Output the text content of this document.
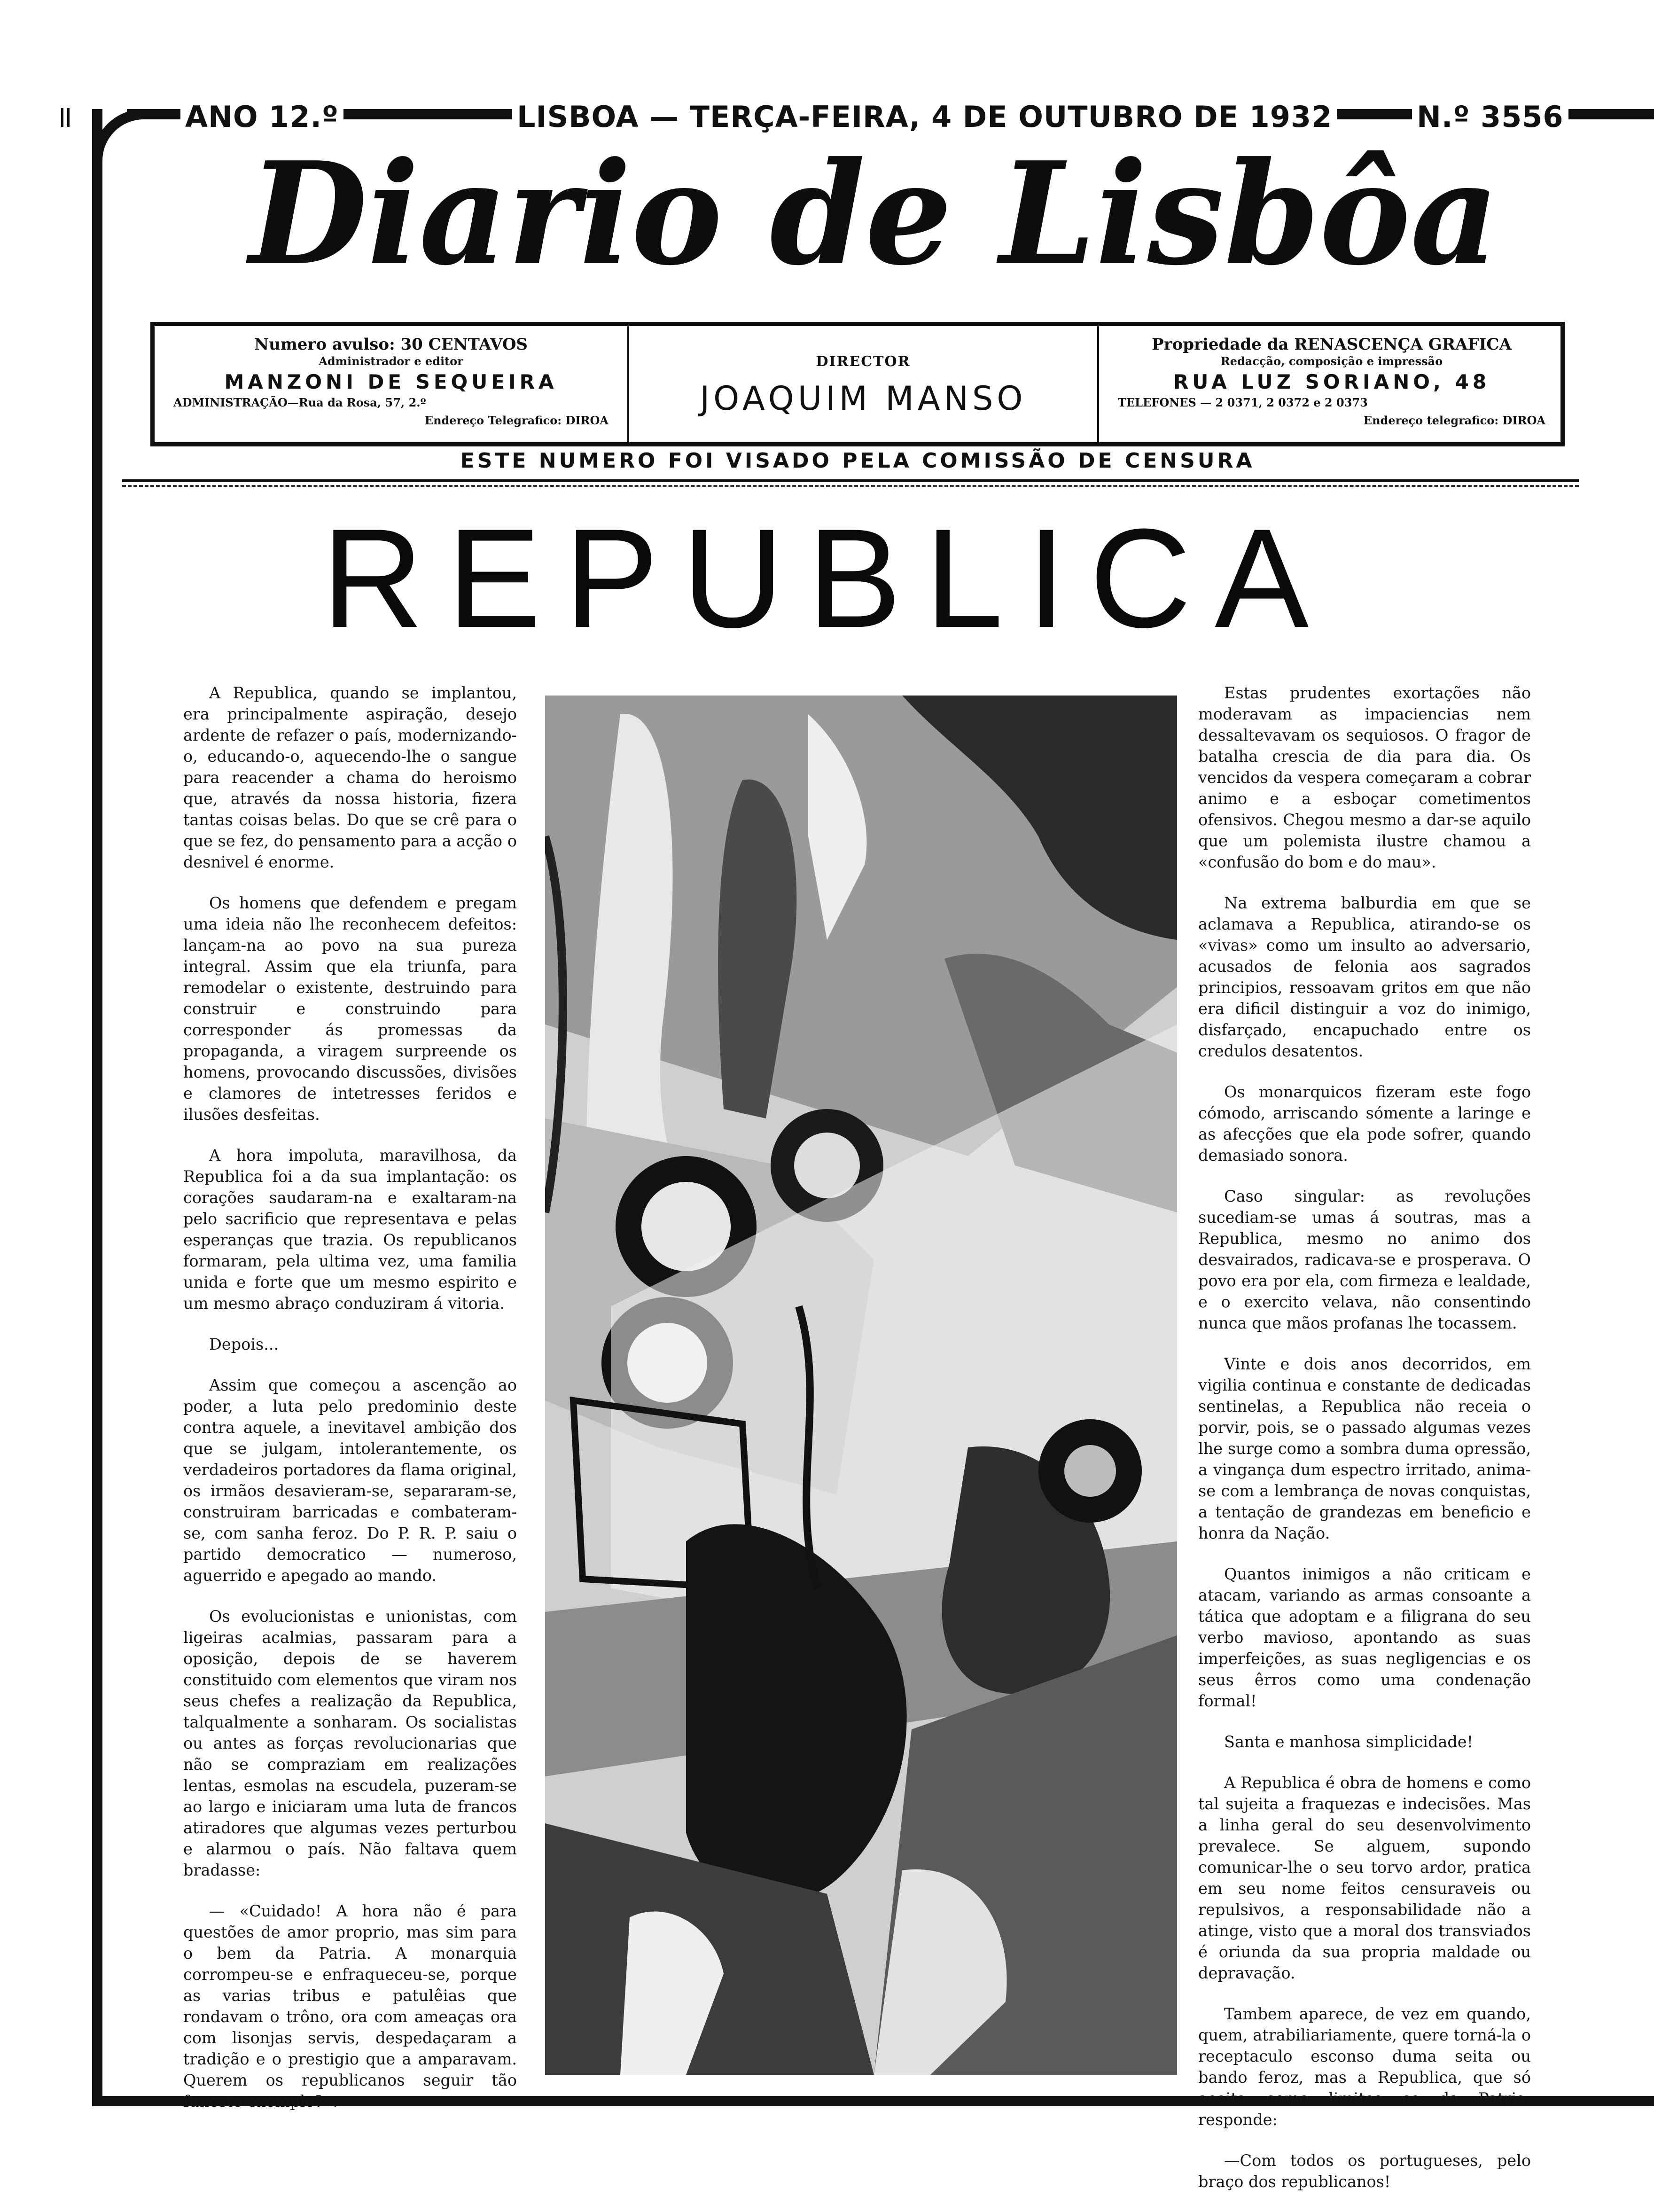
ANO 12.º	LISBOA — TERÇA-FEIRA, 4 DE OUTUBRO DE 1932	N.º 3556
Diario de Lisbôa
Numero avulso: 30 CENTAVOS
Administrador e editor
MANZONI DE SEQUEIRA
ADMINISTRAÇÃO—Rua da Rosa, 57, 2.º
Endereço Telegrafico: DIROA
DIRECTOR
JOAQUIM MANSO
Propriedade da RENASCENÇA GRAFICA
Redacção, composição e impressão
RUA LUZ SORIANO, 48
TELEFONES — 2 0371, 2 0372 e 2 0373
Endereço telegrafico: DIROA
ESTE NUMERO FOI VISADO PELA COMISSÃO DE CENSURA
REPUBLICA

A Republica, quando se implantou, era principalmente aspiração, desejo ardente de refazer o país, modernizando-o, educando-o, aquecendo-lhe o sangue para reacender a chama do heroismo que, através da nossa historia, fizera tantas coisas belas. Do que se crê para o que se fez, do pensamento para a acção o desnivel é enorme.

Os homens que defendem e pregam uma ideia não lhe reconhecem defeitos: lançam-na ao povo na sua pureza integral. Assim que ela triunfa, para remodelar o existente, destruindo para construir e construindo para corresponder ás promessas da propaganda, a viragem surpreende os homens, provocando discussões, divisões e clamores de intetresses feridos e ilusões desfeitas.

A hora impoluta, maravilhosa, da Republica foi a da sua implantação: os corações saudaram-na e exaltaram-na pelo sacrificio que representava e pelas esperanças que trazia. Os republicanos formaram, pela ultima vez, uma familia unida e forte que um mesmo espirito e um mesmo abraço conduziram á vitoria.

Depois...

Assim que começou a ascenção ao poder, a luta pelo predominio deste contra aquele, a inevitavel ambição dos que se julgam, intolerantemente, os verdadeiros portadores da flama original, os irmãos desavieram-se, separaram-se, construiram barricadas e combateram-se, com sanha feroz. Do P. R. P. saiu o partido democratico — numeroso, aguerrido e apegado ao mando.

Os evolucionistas e unionistas, com ligeiras acalmias, passaram para a oposição, depois de se haverem constituido com elementos que viram nos seus chefes a realização da Republica, talqualmente a sonharam. Os socialistas ou antes as forças revolucionarias que não se compraziam em realizações lentas, esmolas na escudela, puzeram-se ao largo e iniciaram uma luta de francos atiradores que algumas vezes perturbou e alarmou o país. Não faltava quem bradasse:

— «Cuidado! A hora não é para questões de amor proprio, mas sim para o bem da Patria. A monarquia corrompeu-se e enfraqueceu-se, porque as varias tribus e patulêias que rondavam o trôno, ora com ameaças ora com lisonjas servis, despedaçaram a tradição e o prestigio que a amparavam. Querem os republicanos seguir tão funesto exemplo?».

Estas prudentes exortações não moderavam as impaciencias nem dessaltevavam os sequiosos. O fragor de batalha crescia de dia para dia. Os vencidos da vespera começaram a cobrar animo e a esboçar cometimentos ofensivos. Chegou mesmo a dar-se aquilo que um polemista ilustre chamou a «confusão do bom e do mau».

Na extrema balburdia em que se aclamava a Republica, atirando-se os «vivas» como um insulto ao adversario, acusados de felonia aos sagrados principios, ressoavam gritos em que não era dificil distinguir a voz do inimigo, disfarçado, encapuchado entre os credulos desatentos.

Os monarquicos fizeram este fogo cómodo, arriscando sómente a laringe e as afecções que ela pode sofrer, quando demasiado sonora.

Caso singular: as revoluções sucediam-se umas á soutras, mas a Republica, mesmo no animo dos desvairados, radicava-se e prosperava. O povo era por ela, com firmeza e lealdade, e o exercito velava, não consentindo nunca que mãos profanas lhe tocassem.

Vinte e dois anos decorridos, em vigilia continua e constante de dedicadas sentinelas, a Republica não receia o porvir, pois, se o passado algumas vezes lhe surge como a sombra duma opressão, a vingança dum espectro irritado, anima-se com a lembrança de novas conquistas, a tentação de grandezas em beneficio e honra da Nação.

Quantos inimigos a não criticam e atacam, variando as armas consoante a tática que adoptam e a filigrana do seu verbo mavioso, apontando as suas imperfeições, as suas negligencias e os seus êrros como uma condenação formal!

Santa e manhosa simplicidade!

A Republica é obra de homens e como tal sujeita a fraquezas e indecisões. Mas a linha geral do seu desenvolvimento prevalece. Se alguem, supondo comunicar-lhe o seu torvo ardor, pratica em seu nome feitos censuraveis ou repulsivos, a responsabilidade não a atinge, visto que a moral dos transviados é oriunda da sua propria maldade ou depravação.

Tambem aparece, de vez em quando, quem, atrabiliariamente, quere torná-la o receptaculo esconso duma seita ou bando feroz, mas a Republica, que só aceita como limites os da Patria, responde:

—Com todos os portugueses, pelo braço dos republicanos!
